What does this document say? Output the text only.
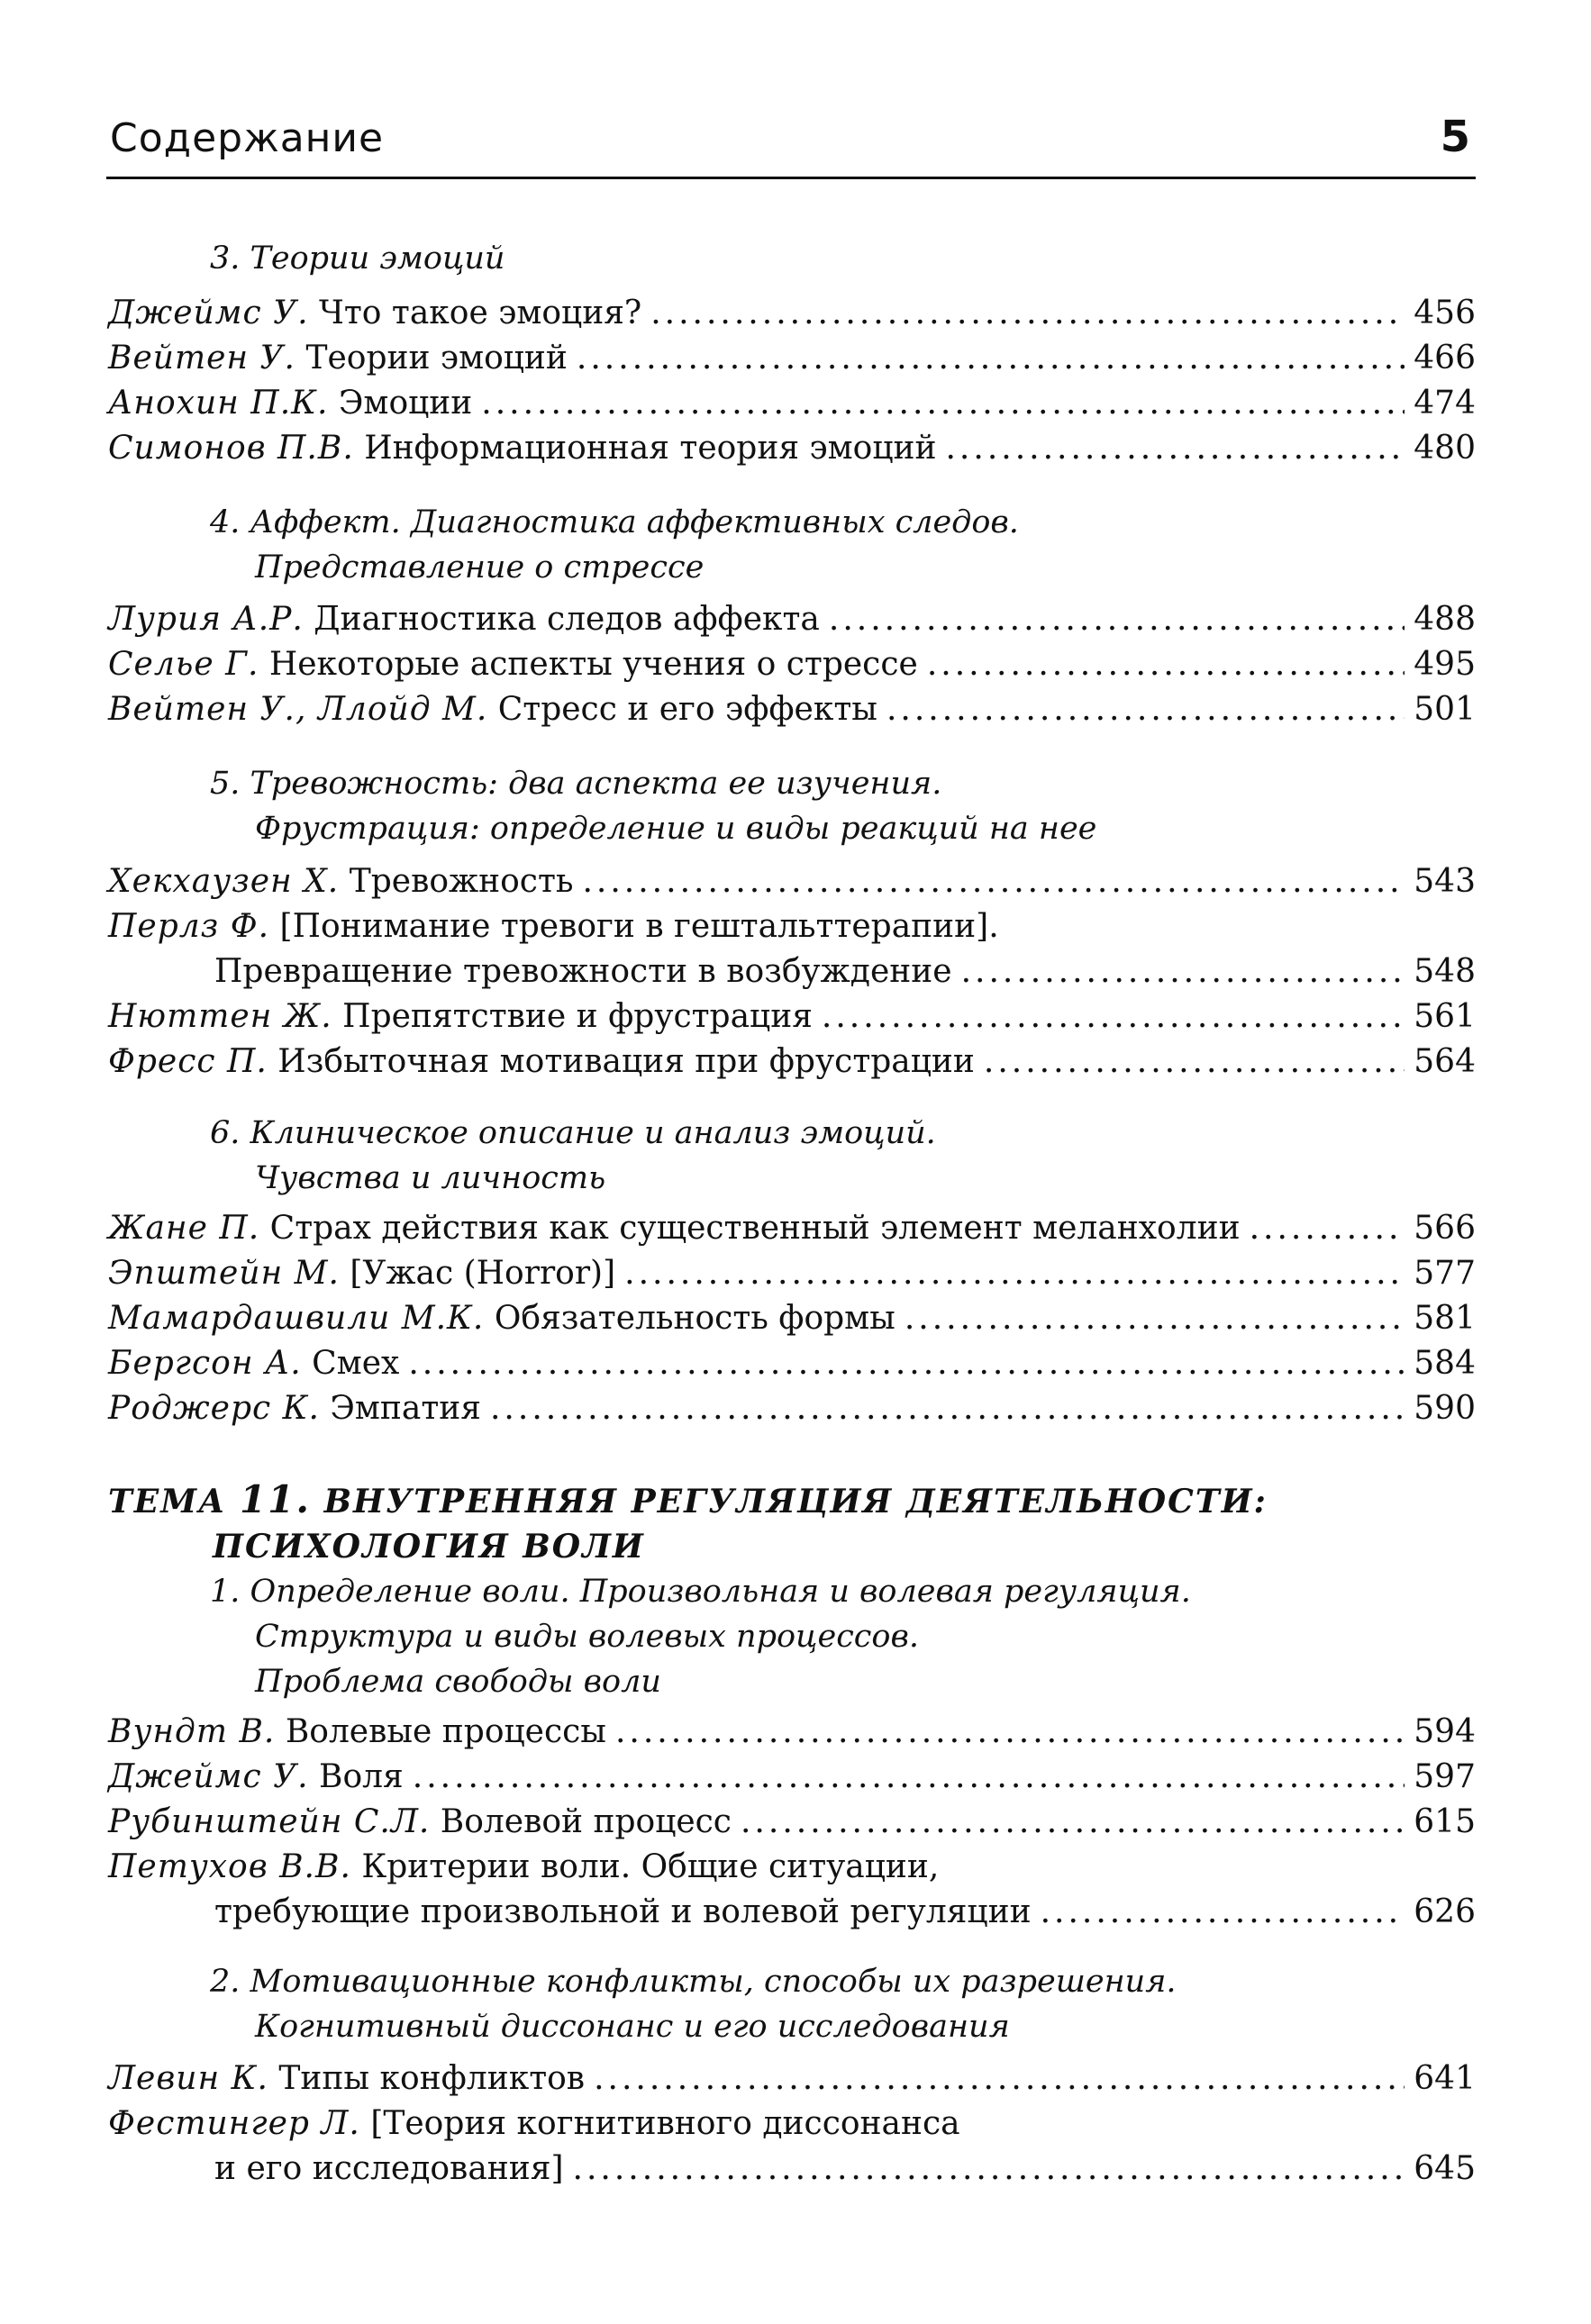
Содержание	5
3. Теории эмоций
Джеймс У. Что такое эмоция? .....	456
Вейтен У. Теории эмоций .....	466
Анохин П.К. Эмоции .....	474
Симонов П.В. Информационная теория эмоций .....	480
4. Аффект. Диагностика аффективных следов.
Представление о стрессе
Лурия А.Р. Диагностика следов аффекта .....	488
Селье Г. Некоторые аспекты учения о стрессе .....	495
Вейтен У., Ллойд М. Стресс и его эффекты .....	501
5. Тревожность: два аспекта ее изучения.
Фрустрация: определение и виды реакций на нее
Хекхаузен Х. Тревожность .....	543
Перлз Ф. [Понимание тревоги в гештальттерапии].
Превращение тревожности в возбуждение .....	548
Нюттен Ж. Препятствие и фрустрация .....	561
Фресс П. Избыточная мотивация при фрустрации .....	564
6. Клиническое описание и анализ эмоций.
Чувства и личность
Жане П. Страх действия как существенный элемент меланхолии .....	566
Эпштейн М. [Ужас (Horror)] .....	577
Мамардашвили М.К. Обязательность формы .....	581
Бергсон А. Смех .....	584
Роджерс К. Эмпатия .....	590
ТЕМА 11. ВНУТРЕННЯЯ РЕГУЛЯЦИЯ ДЕЯТЕЛЬНОСТИ:
ПСИХОЛОГИЯ ВОЛИ
1. Определение воли. Произвольная и волевая регуляция.
Структура и виды волевых процессов.
Проблема свободы воли
Вундт В. Волевые процессы .....	594
Джеймс У. Воля .....	597
Рубинштейн С.Л. Волевой процесс .....	615
Петухов В.В. Критерии воли. Общие ситуации,
требующие произвольной и волевой регуляции .....	626
2. Мотивационные конфликты, способы их разрешения.
Когнитивный диссонанс и его исследования
Левин К. Типы конфликтов .....	641
Фестингер Л. [Теория когнитивного диссонанса
и его исследования] .....	645
